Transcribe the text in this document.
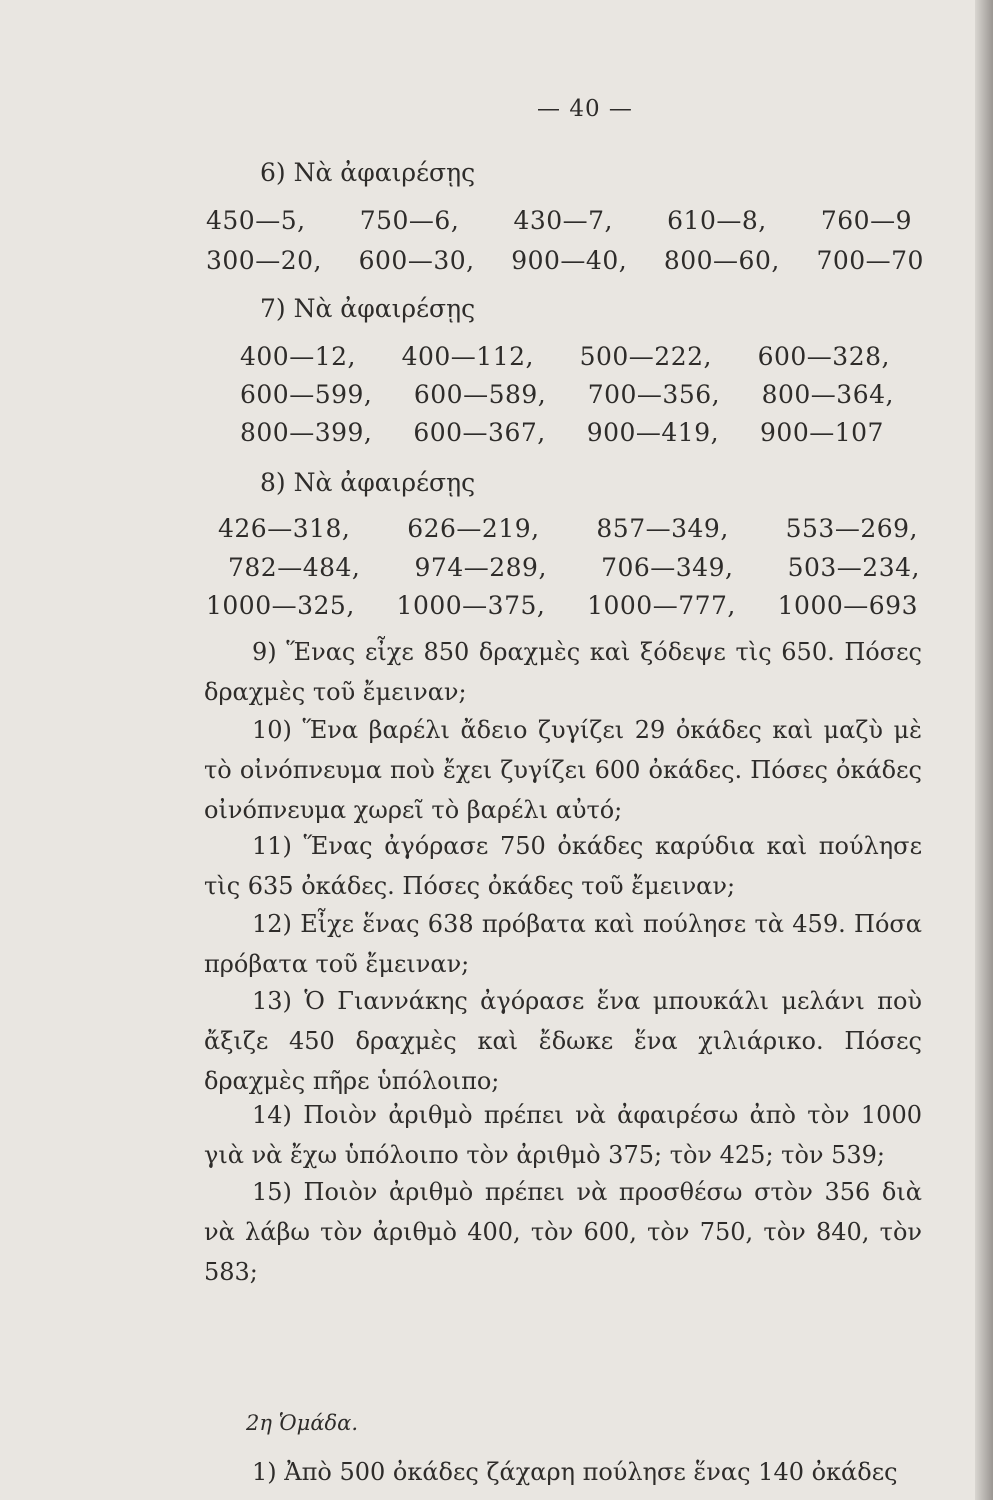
— 40 —
6) Νὰ ἀφαιρέσῃς
450—5, 750—6, 430—7, 610—8, 760—9
300—20, 600—30, 900—40, 800—60, 700—70
7) Νὰ ἀφαιρέσῃς
400—12, 400—112, 500—222, 600—328,
600—599, 600—589, 700—356, 800—364,
800—399, 600—367, 900—419, 900—107
8) Νὰ ἀφαιρέσῃς
426—318, 626—219, 857—349, 553—269,
782—484, 974—289, 706—349, 503—234,
1000—325, 1000—375, 1000—777, 1000—693
9) Ἕνας εἶχε 850 δραχμὲς καὶ ξόδεψε τὶς 650. Πόσες δραχμὲς τοῦ ἔμειναν;
10) Ἕνα βαρέλι ἄδειο ζυγίζει 29 ὀκάδες καὶ μαζὺ μὲ τὸ οἰνόπνευμα ποὺ ἔχει ζυγίζει 600 ὀκάδες. Πόσες ὀκάδες οἰνόπνευμα χωρεῖ τὸ βαρέλι αὐτό;
11) Ἕνας ἀγόρασε 750 ὀκάδες καρύδια καὶ πούλησε τὶς 635 ὀκάδες. Πόσες ὀκάδες τοῦ ἔμειναν;
12) Εἶχε ἕνας 638 πρόβατα καὶ πούλησε τὰ 459. Πόσα πρόβατα τοῦ ἔμειναν;
13) Ὁ Γιαννάκης ἀγόρασε ἕνα μπουκάλι μελάνι ποὺ ἄξιζε 450 δραχμὲς καὶ ἔδωκε ἕνα χιλιάρικο. Πόσες δραχμὲς πῆρε ὑπόλοιπο;
14) Ποιὸν ἀριθμὸ πρέπει νὰ ἀφαιρέσω ἀπὸ τὸν 1000 γιὰ νὰ ἔχω ὑπόλοιπο τὸν ἀριθμὸ 375; τὸν 425; τὸν 539;
15) Ποιὸν ἀριθμὸ πρέπει νὰ προσθέσω στὸν 356 διὰ νὰ λάβω τὸν ἀριθμὸ 400, τὸν 600, τὸν 750, τὸν 840, τὸν 583;
2η Ὁμάδα.
1) Ἀπὸ 500 ὀκάδες ζάχαρη πούλησε ἕνας 140 ὀκάδες
